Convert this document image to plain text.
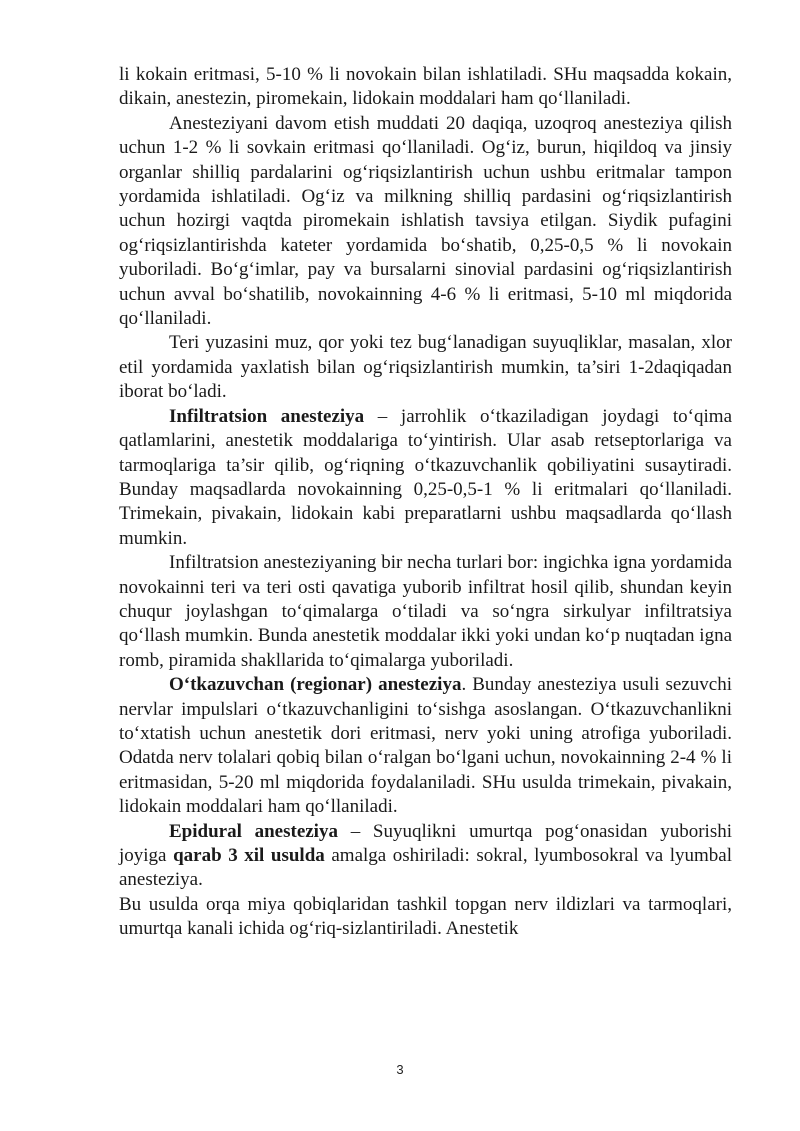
li kokain eritmasi, 5-10 % li novokain bilan ishlatiladi. SHu maqsadda kokain, dikain, anestezin, piromekain, lidokain moddalari ham qo‘llaniladi.

Anesteziyani davom etish muddati 20 daqiqa, uzoqroq anesteziya qilish uchun 1-2 % li sovkain eritmasi qo‘llaniladi. Og‘iz, burun, hiqildoq va jinsiy organlar shilliq pardalarini og‘riqsizlantirish uchun ushbu eritmalar tampon yordamida ishlatiladi. Og‘iz va milkning shilliq pardasini og‘riqsizlantirish uchun hozirgi vaqtda piromekain ishlatish tavsiya etilgan. Siydik pufagini og‘riqsizlantirishda kateter yordamida bo‘shatib, 0,25-0,5 % li novokain yuboriladi. Bo‘g‘imlar, pay va bursalarni sinovial pardasini og‘riqsizlantirish uchun avval bo‘shatilib, novokainning 4-6 % li eritmasi, 5-10 ml miqdorida qo‘llaniladi.

Teri yuzasini muz, qor yoki tez bug‘lanadigan suyuqliklar, masalan, xlor etil yordamida yaxlatish bilan og‘riqsizlantirish mumkin, ta’siri 1-2daqiqadan iborat bo‘ladi.

Infiltratsion anesteziya – jarrohlik o‘tkaziladigan joydagi to‘qima qatlamlarini, anestetik moddalariga to‘yintirish. Ular asab retseptorlariga va tarmoqlariga ta’sir qilib, og‘riqning o‘tkazuvchanlik qobiliyatini susaytiradi. Bunday maqsadlarda novokainning 0,25-0,5-1 % li eritmalari qo‘llaniladi. Trimekain, pivakain, lidokain kabi preparatlarni ushbu maqsadlarda qo‘llash mumkin.

Infiltratsion anesteziyaning bir necha turlari bor: ingichka igna yordamida novokainni teri va teri osti qavatiga yuborib infiltrat hosil qilib, shundan keyin chuqur joylashgan to‘qimalarga o‘tiladi va so‘ngra sirkulyar infiltratsiya qo‘llash mumkin. Bunda anestetik moddalar ikki yoki undan ko‘p nuqtadan igna romb, piramida shakllarida to‘qimalarga yuboriladi.

O‘tkazuvchan (regionar) anesteziya. Bunday anesteziya usuli sezuvchi nervlar impulslari o‘tkazuvchanligini to‘sishga asoslangan. O‘tkazuvchanlikni to‘xtatish uchun anestetik dori eritmasi, nerv yoki uning atrofiga yuboriladi. Odatda nerv tolalari qobiq bilan o‘ralgan bo‘lgani uchun, novokainning 2-4 % li eritmasidan, 5-20 ml miqdorida foydalaniladi. SHu usulda trimekain, pivakain, lidokain moddalari ham qo‘llaniladi.

Epidural anesteziya – Suyuqlikni umurtqa pog‘onasidan yuborishi joyiga qarab 3 xil usulda amalga oshiriladi: sokral, lyumbosokral va lyumbal anesteziya.

Bu usulda orqa miya qobiqlaridan tashkil topgan nerv ildizlari va tarmoqlari, umurtqa kanali ichida og‘riq-sizlantiriladi. Anestetik

3
